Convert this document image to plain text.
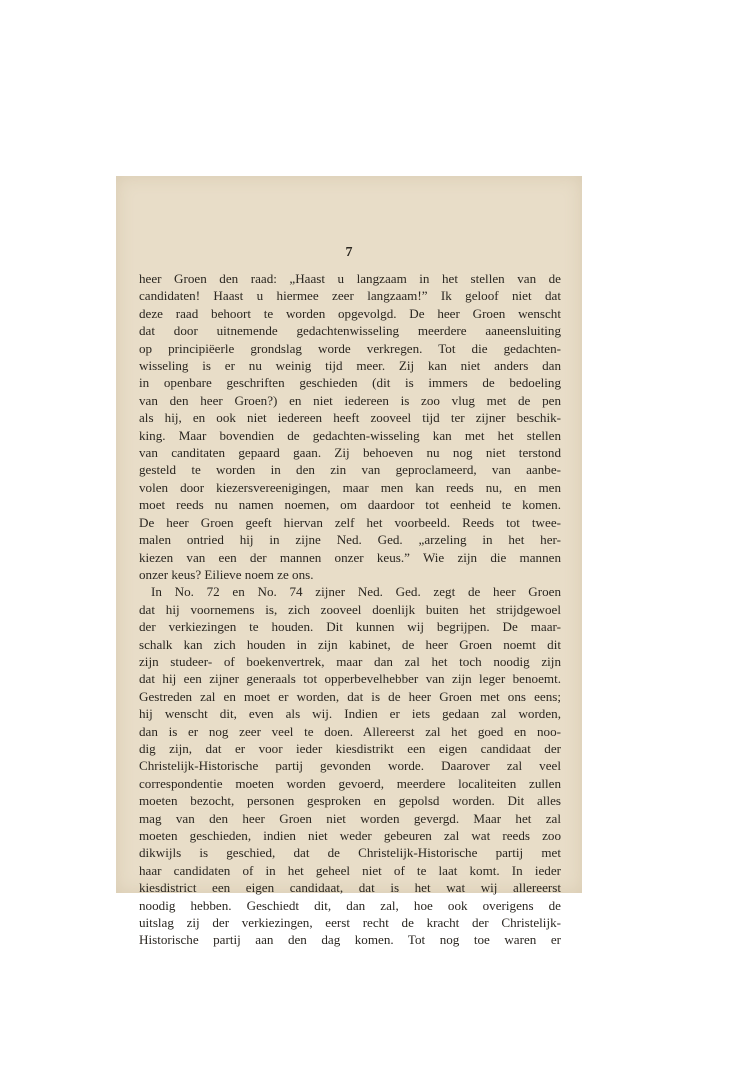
7
heer Groen den raad: „Haast u langzaam in het stellen van de
candidaten! Haast u hiermee zeer langzaam!” Ik geloof niet dat
deze raad behoort te worden opgevolgd. De heer Groen wenscht
dat door uitnemende gedachtenwisseling meerdere aaneensluiting
op principiëerle grondslag worde verkregen. Tot die gedachten-
wisseling is er nu weinig tijd meer. Zij kan niet anders dan
in openbare geschriften geschieden (dit is immers de bedoeling
van den heer Groen?) en niet iedereen is zoo vlug met de pen
als hij, en ook niet iedereen heeft zooveel tijd ter zijner beschik-
king. Maar bovendien de gedachten-wisseling kan met het stellen
van canditaten gepaard gaan. Zij behoeven nu nog niet terstond
gesteld te worden in den zin van geproclameerd, van aanbe-
volen door kiezersvereenigingen, maar men kan reeds nu, en men
moet reeds nu namen noemen, om daardoor tot eenheid te komen.
De heer Groen geeft hiervan zelf het voorbeeld. Reeds tot twee-
malen ontried hij in zijne Ned. Ged. „arzeling in het her-
kiezen van een der mannen onzer keus.” Wie zijn die mannen
onzer keus? Eilieve noem ze ons.
In No. 72 en No. 74 zijner Ned. Ged. zegt de heer Groen
dat hij voornemens is, zich zooveel doenlijk buiten het strijdgewoel
der verkiezingen te houden. Dit kunnen wij begrijpen. De maar-
schalk kan zich houden in zijn kabinet, de heer Groen noemt dit
zijn studeer- of boekenvertrek, maar dan zal het toch noodig zijn
dat hij een zijner generaals tot opperbevelhebber van zijn leger benoemt.
Gestreden zal en moet er worden, dat is de heer Groen met ons eens;
hij wenscht dit, even als wij. Indien er iets gedaan zal worden,
dan is er nog zeer veel te doen. Allereerst zal het goed en noo-
dig zijn, dat er voor ieder kiesdistrikt een eigen candidaat der
Christelijk-Historische partij gevonden worde. Daarover zal veel
correspondentie moeten worden gevoerd, meerdere localiteiten zullen
moeten bezocht, personen gesproken en gepolsd worden. Dit alles
mag van den heer Groen niet worden gevergd. Maar het zal
moeten geschieden, indien niet weder gebeuren zal wat reeds zoo
dikwijls is geschied, dat de Christelijk-Historische partij met
haar candidaten of in het geheel niet of te laat komt. In ieder
kiesdistrict een eigen candidaat, dat is het wat wij allereerst
noodig hebben. Geschiedt dit, dan zal, hoe ook overigens de
uitslag zij der verkiezingen, eerst recht de kracht der Christelijk-
Historische partij aan den dag komen. Tot nog toe waren er
